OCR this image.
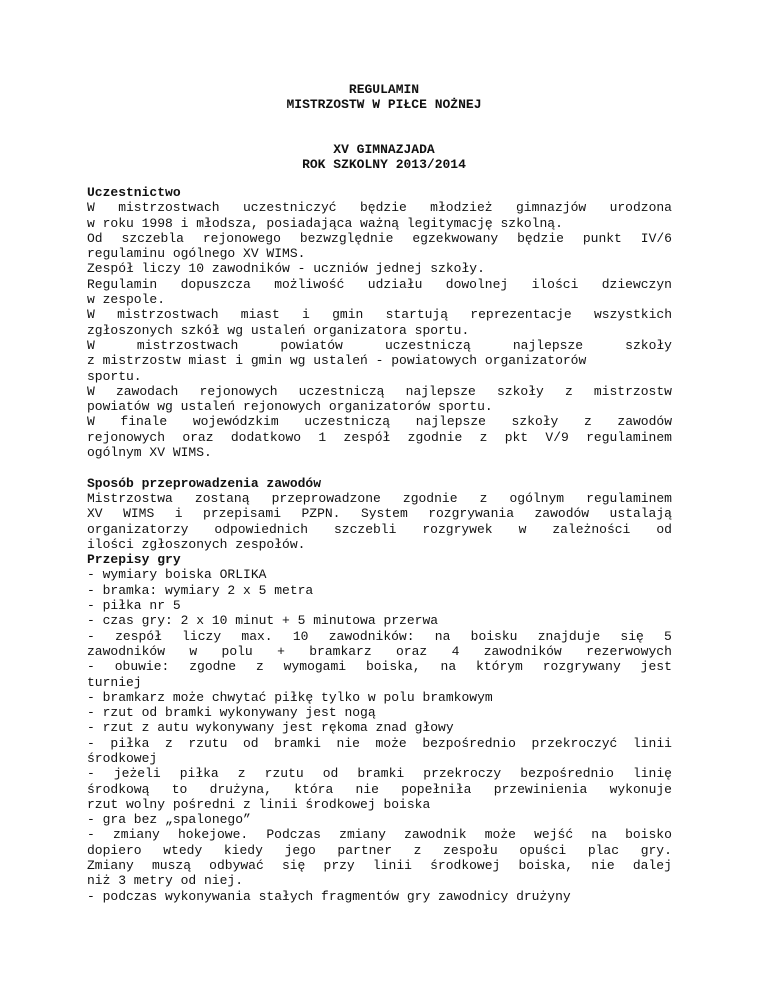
REGULAMIN
MISTRZOSTW W PIŁCE NOŻNEJ
XV GIMNAZJADA
ROK SZKOLNY 2013/2014
Uczestnictwo
W mistrzostwach uczestniczyć będzie młodzież gimnazjów urodzona
w roku 1998 i młodsza, posiadająca ważną legitymację szkolną.
Od szczebla rejonowego bezwzględnie egzekwowany będzie punkt IV/6
regulaminu ogólnego XV WIMS.
Zespół liczy 10 zawodników - uczniów jednej szkoły.
Regulamin dopuszcza możliwość udziału dowolnej ilości dziewczyn
w zespole.
W mistrzostwach miast i gmin startują reprezentacje wszystkich
zgłoszonych szkół wg ustaleń organizatora sportu.
W	mistrzostwach	powiatów	uczestniczą	najlepsze	szkoły
z mistrzostw miast i gmin wg ustaleń - powiatowych organizatorów
sportu.
W zawodach rejonowych uczestniczą najlepsze szkoły z mistrzostw
powiatów wg ustaleń rejonowych organizatorów sportu.
W finale wojewódzkim uczestniczą najlepsze szkoły z zawodów
rejonowych oraz dodatkowo 1 zespół zgodnie z pkt V/9 regulaminem
ogólnym XV WIMS.
Sposób przeprowadzenia zawodów
Mistrzostwa zostaną przeprowadzone zgodnie z ogólnym regulaminem
XV WIMS i przepisami PZPN. System rozgrywania zawodów ustalają
organizatorzy odpowiednich szczebli rozgrywek w zależności od
ilości zgłoszonych zespołów.
Przepisy gry
- wymiary boiska ORLIKA
- bramka: wymiary 2 x 5 metra
- piłka nr 5
- czas gry: 2 x 10 minut + 5 minutowa przerwa
- zespół liczy max. 10 zawodników: na boisku znajduje się 5
zawodników w polu + bramkarz oraz 4 zawodników rezerwowych
- obuwie: zgodne z wymogami boiska, na którym rozgrywany jest
turniej
- bramkarz może chwytać piłkę tylko w polu bramkowym
- rzut od bramki wykonywany jest nogą
- rzut z autu wykonywany jest rękoma znad głowy
- piłka z rzutu od bramki nie może bezpośrednio przekroczyć linii
środkowej
- jeżeli piłka z rzutu od bramki przekroczy bezpośrednio linię
środkową to drużyna, która nie popełniła przewinienia wykonuje
rzut wolny pośredni z linii środkowej boiska
- gra bez „spalonego”
- zmiany hokejowe. Podczas zmiany zawodnik może wejść na boisko
dopiero wtedy kiedy jego partner z zespołu opuści plac gry.
Zmiany muszą odbywać się przy linii środkowej boiska, nie dalej
niż 3 metry od niej.
- podczas wykonywania stałych fragmentów gry zawodnicy drużyny
